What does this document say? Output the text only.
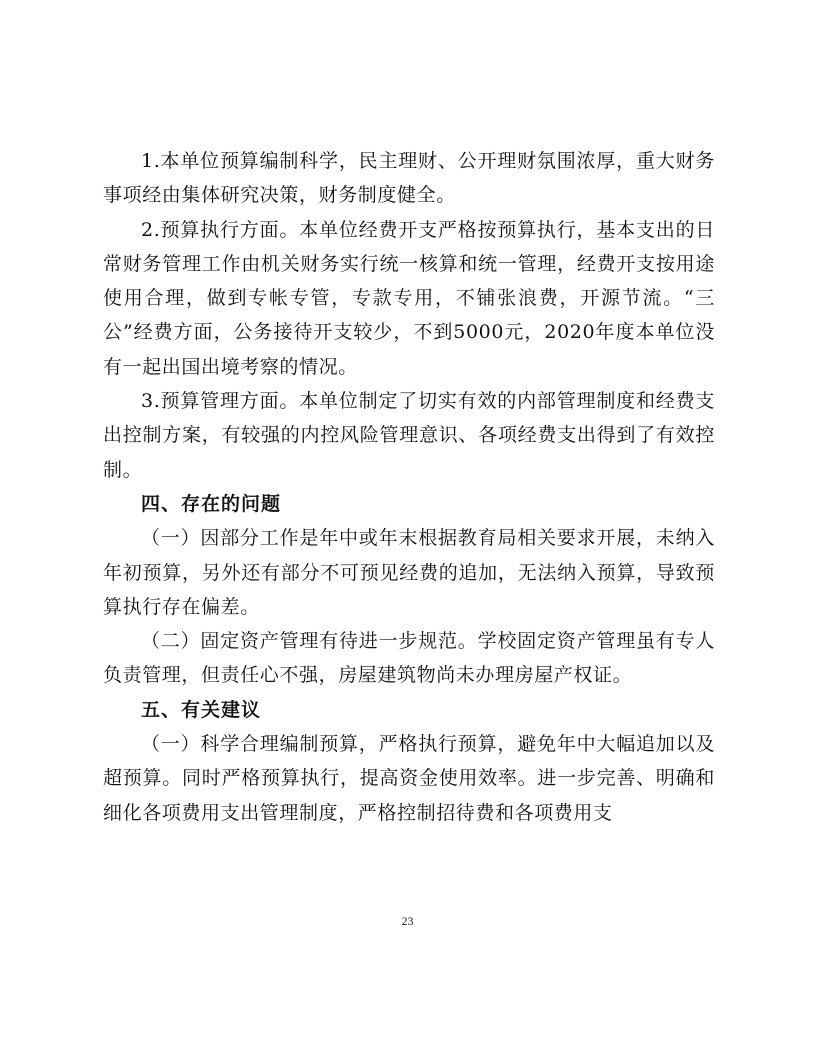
1.本单位预算编制科学，民主理财、公开理财氛围浓厚，重大财务事项经由集体研究决策，财务制度健全。

2.预算执行方面。本单位经费开支严格按预算执行，基本支出的日常财务管理工作由机关财务实行统一核算和统一管理，经费开支按用途使用合理，做到专帐专管，专款专用，不铺张浪费，开源节流。“三公”经费方面，公务接待开支较少，不到5000元，2020年度本单位没有一起出国出境考察的情况。

3.预算管理方面。本单位制定了切实有效的内部管理制度和经费支出控制方案，有较强的内控风险管理意识、各项经费支出得到了有效控制。

四、存在的问题

（一）因部分工作是年中或年末根据教育局相关要求开展，未纳入年初预算，另外还有部分不可预见经费的追加，无法纳入预算，导致预算执行存在偏差。

（二）固定资产管理有待进一步规范。学校固定资产管理虽有专人负责管理，但责任心不强，房屋建筑物尚未办理房屋产权证。

五、有关建议

（一）科学合理编制预算，严格执行预算，避免年中大幅追加以及超预算。同时严格预算执行，提高资金使用效率。进一步完善、明确和细化各项费用支出管理制度，严格控制招待费和各项费用支

23
